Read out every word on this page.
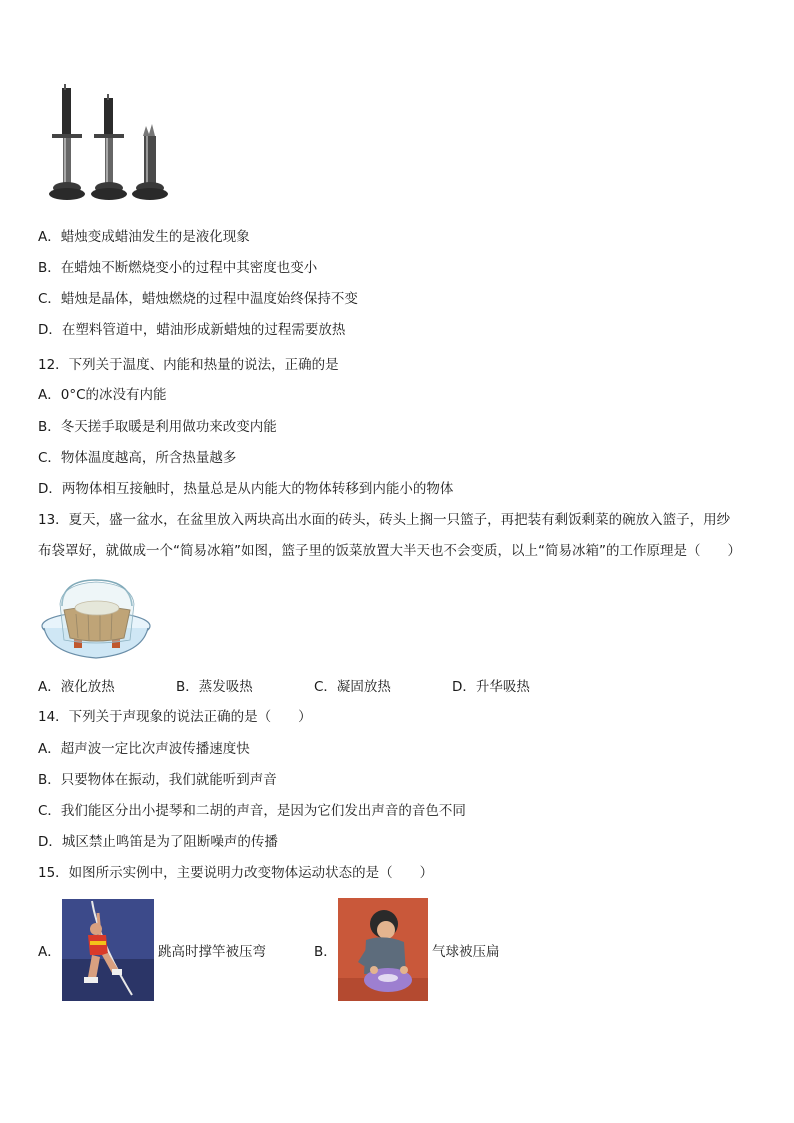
A．蜡烛变成蜡油发生的是液化现象
B．在蜡烛不断燃烧变小的过程中其密度也变小
C．蜡烛是晶体，蜡烛燃烧的过程中温度始终保持不变
D．在塑料管道中，蜡油形成新蜡烛的过程需要放热
12．下列关于温度、内能和热量的说法，正确的是
A．0°C的冰没有内能
B．冬天搓手取暖是利用做功来改变内能
C．物体温度越高，所含热量越多
D．两物体相互接触时，热量总是从内能大的物体转移到内能小的物体
13．夏天，盛一盆水，在盆里放入两块高出水面的砖头，砖头上搁一只篮子，再把装有剩饭剩菜的碗放入篮子，用纱
布袋罩好，就做成一个“简易冰箱”如图，篮子里的饭菜放置大半天也不会变质，以上“简易冰箱”的工作原理是（　　）
A．液化放热	B．蒸发吸热	C．凝固放热	D．升华吸热
14．下列关于声现象的说法正确的是（　　）
A．超声波一定比次声波传播速度快
B．只要物体在振动，我们就能听到声音
C．我们能区分出小提琴和二胡的声音，是因为它们发出声音的音色不同
D．城区禁止鸣笛是为了阻断噪声的传播
15．如图所示实例中，主要说明力改变物体运动状态的是（　　）
A．	跳高时撑竿被压弯	B．	气球被压扁
